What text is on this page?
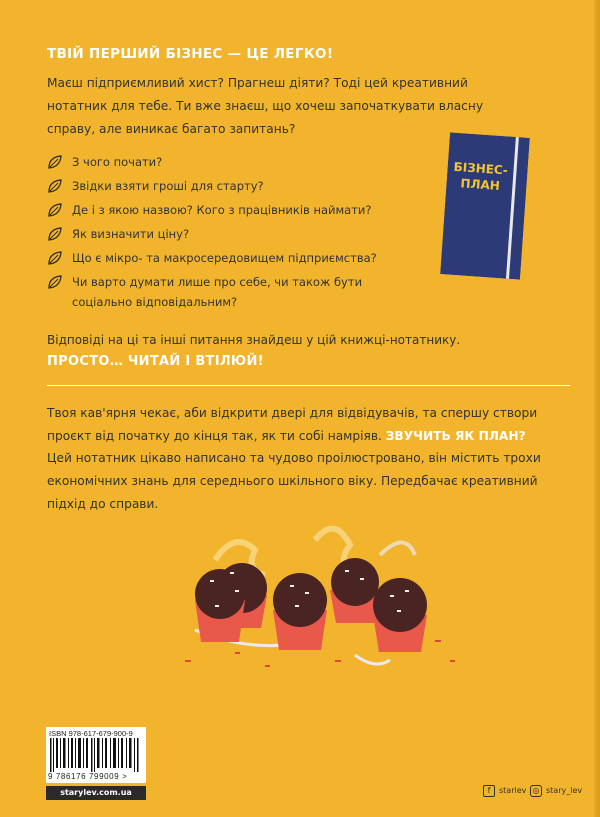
ТВІЙ ПЕРШИЙ БІЗНЕС — ЦЕ ЛЕГКО!
Маєш підприємливий хист? Прагнеш діяти? Тоді цей креативний нотатник для тебе. Ти вже знаєш, що хочеш започаткувати власну справу, але виникає багато запитань?
З чого почати?
Звідки взяти гроші для старту?
Де і з якою назвою? Кого з працівників наймати?
Як визначити ціну?
Що є мікро- та макросередовищем підприємства?
Чи варто думати лише про себе, чи також бути соціально відповідальним?
БІЗНЕС-
ПЛАН
Відповіді на ці та інші питання знайдеш у цій книжці-нотатнику.
ПРОСТО… ЧИТАЙ І ВТІЛЮЙ!
Твоя кав'ярня чекає, аби відкрити двері для відвідувачів, та спершу створи проєкт від початку до кінця так, як ти собі намріяв. ЗВУЧИТЬ ЯК ПЛАН?
Цей нотатник цікаво написано та чудово проілюстровано, він містить трохи економічних знань для середнього шкільного віку. Передбачає креативний підхід до справи.
ISBN 978-617-679-900-9
9 786176 799009 >
starylev.com.ua	f starlev ◎ stary_lev
